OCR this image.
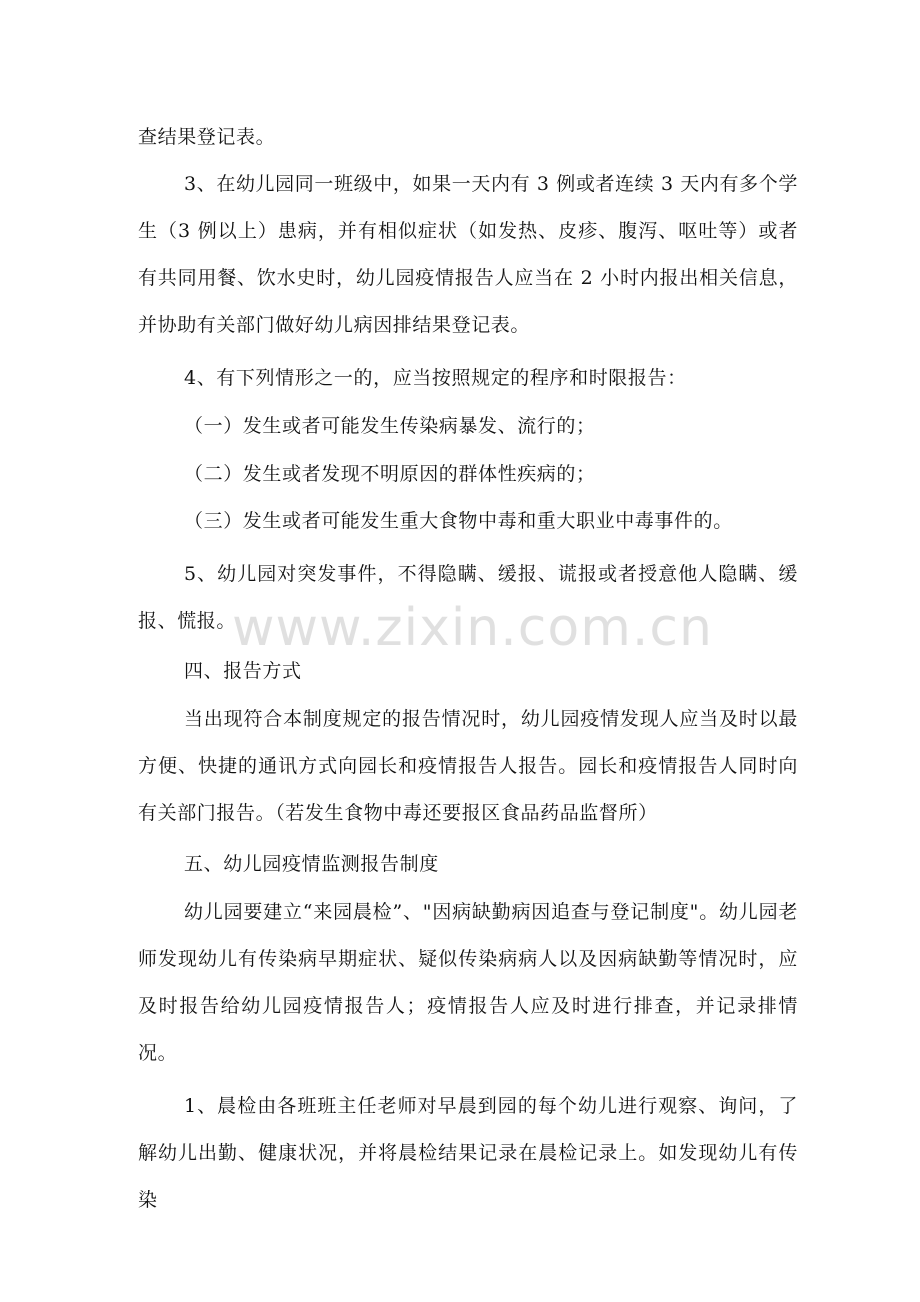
查结果登记表。

3、在幼儿园同一班级中，如果一天内有 3 例或者连续 3 天内有多个学生（3 例以上）患病，并有相似症状（如发热、皮疹、腹泻、呕吐等）或者有共同用餐、饮水史时，幼儿园疫情报告人应当在 2 小时内报出相关信息，并协助有关部门做好幼儿病因排结果登记表。

4、有下列情形之一的，应当按照规定的程序和时限报告：

（一）发生或者可能发生传染病暴发、流行的；

（二）发生或者发现不明原因的群体性疾病的；

（三）发生或者可能发生重大食物中毒和重大职业中毒事件的。

5、幼儿园对突发事件，不得隐瞒、缓报、谎报或者授意他人隐瞒、缓报、慌报。

四、报告方式

当出现符合本制度规定的报告情况时，幼儿园疫情发现人应当及时以最方便、快捷的通讯方式向园长和疫情报告人报告。园长和疫情报告人同时向有关部门报告。（若发生食物中毒还要报区食品药品监督所）

五、幼儿园疫情监测报告制度

幼儿园要建立“来园晨检”、"因病缺勤病因追查与登记制度"。幼儿园老师发现幼儿有传染病早期症状、疑似传染病病人以及因病缺勤等情况时，应及时报告给幼儿园疫情报告人；疫情报告人应及时进行排查，并记录排情况。

1、晨检由各班班主任老师对早晨到园的每个幼儿进行观察、询问，了解幼儿出勤、健康状况，并将晨检结果记录在晨检记录上。如发现幼儿有传染

www.zixin.com.cn
